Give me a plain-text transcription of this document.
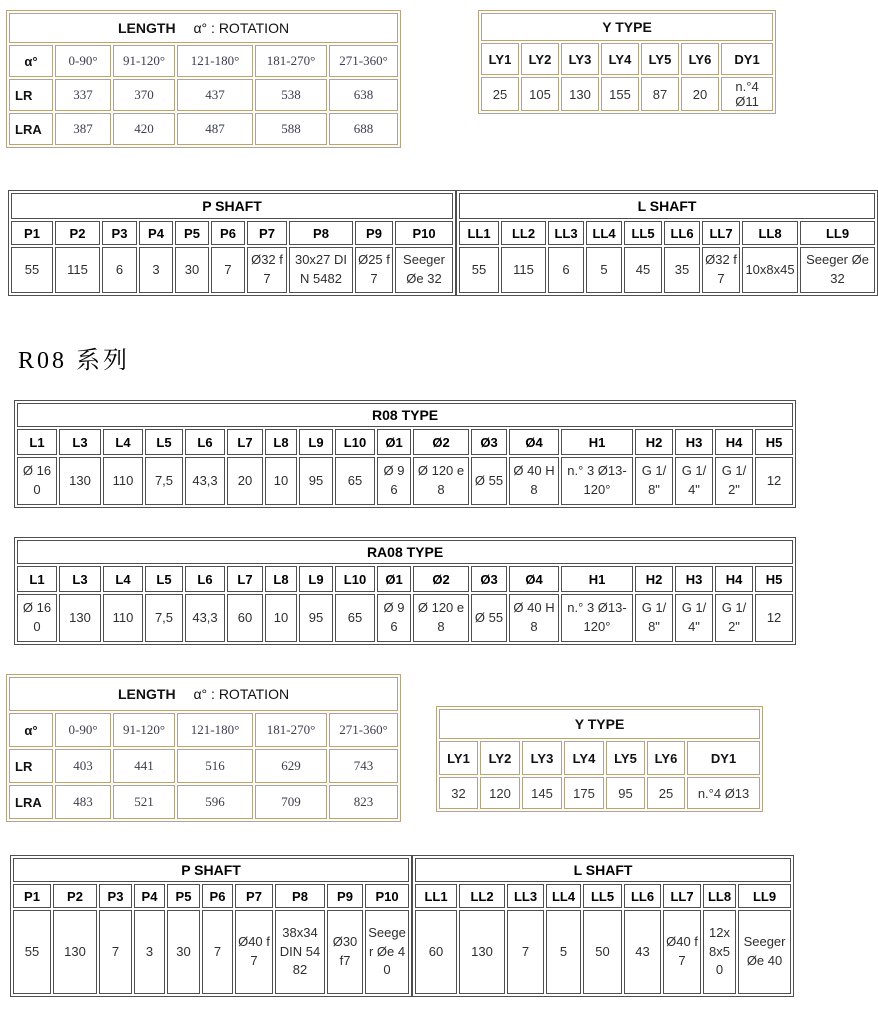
LENGTH α° : ROTATION					
α°	0-90°	91-120°	121-180°	181-270°	271-360°
LR	337	370	437	538	638
LRA	387	420	487	588	688
Y TYPE						
LY1	LY2	LY3	LY4	LY5	LY6	DY1
25	105	130	155	87	20	n.°4 Ø11
P SHAFT									
P1	P2	P3	P4	P5	P6	P7	P8	P9	P10
55	115	6	3	30	7	Ø32 f7	30x27 DIN 5482	Ø25 f7	Seeger Øe 32
L SHAFT								
LL1	LL2	LL3	LL4	LL5	LL6	LL7	LL8	LL9
55	115	6	5	45	35	Ø32 f7	10x8x45	Seeger Øe 32
R08 系列
R08 TYPE																	
L1	L3	L4	L5	L6	L7	L8	L9	L10	Ø1	Ø2	Ø3	Ø4	H1	H2	H3	H4	H5
Ø 160	130	110	7,5	43,3	20	10	95	65	Ø 96	Ø 120 e8	Ø 55	Ø 40 H8	n.° 3 Ø13-120°	G 1/8"	G 1/4"	G 1/2"	12
RA08 TYPE																	
L1	L3	L4	L5	L6	L7	L8	L9	L10	Ø1	Ø2	Ø3	Ø4	H1	H2	H3	H4	H5
Ø 160	130	110	7,5	43,3	60	10	95	65	Ø 96	Ø 120 e8	Ø 55	Ø 40 H8	n.° 3 Ø13-120°	G 1/8"	G 1/4"	G 1/2"	12
LENGTH α° : ROTATION					
α°	0-90°	91-120°	121-180°	181-270°	271-360°
LR	403	441	516	629	743
LRA	483	521	596	709	823
Y TYPE						
LY1	LY2	LY3	LY4	LY5	LY6	DY1
32	120	145	175	95	25	n.°4 Ø13
P SHAFT									
P1	P2	P3	P4	P5	P6	P7	P8	P9	P10
55	130	7	3	30	7	Ø40 f7	38x34 DIN 5482	Ø30 f7	Seeger Øe 40
L SHAFT								
LL1	LL2	LL3	LL4	LL5	LL6	LL7	LL8	LL9
60	130	7	5	50	43	Ø40 f7	12x8x50	Seeger Øe 40
